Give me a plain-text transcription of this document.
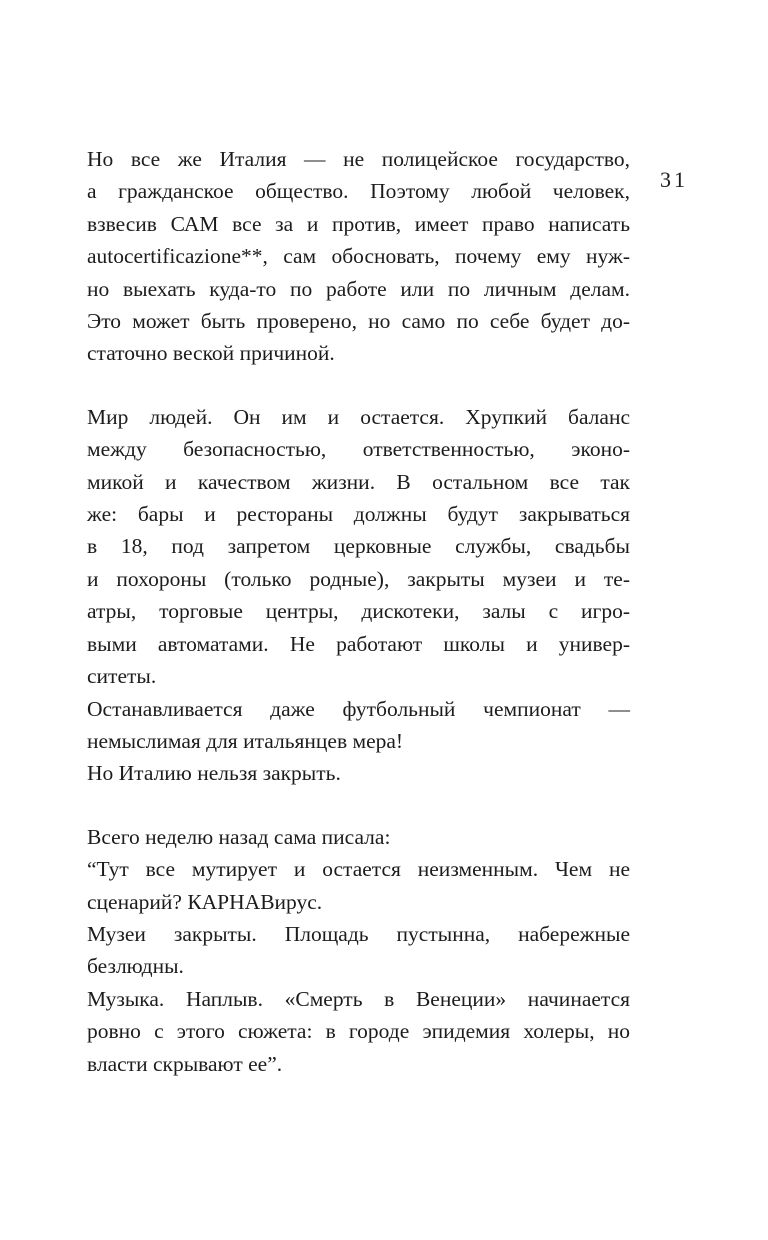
31
Но все же Италия — не полицейское государство,
а гражданское общество. Поэтому любой человек,
взвесив САМ все за и против, имеет право написать
autocertificazione**, сам обосновать, почему ему нуж-
но выехать куда-то по работе или по личным делам.
Это может быть проверено, но само по себе будет до-
статочно веской причиной.
Мир людей. Он им и остается. Хрупкий баланс
между безопасностью, ответственностью, эконо-
микой и качеством жизни. В остальном все так
же: бары и рестораны должны будут закрываться
в 18, под запретом церковные службы, свадьбы
и похороны (только родные), закрыты музеи и те-
атры, торговые центры, дискотеки, залы с игро-
выми автоматами. Не работают школы и универ-
ситеты.
Останавливается даже футбольный чемпионат —
немыслимая для итальянцев мера!
Но Италию нельзя закрыть.
Всего неделю назад сама писала:
“Тут все мутирует и остается неизменным. Чем не
сценарий? КАРНАВирус.
Музеи закрыты. Площадь пустынна, набережные
безлюдны.
Музыка. Наплыв. «Смерть в Венеции» начинается
ровно с этого сюжета: в городе эпидемия холеры, но
власти скрывают ее”.
